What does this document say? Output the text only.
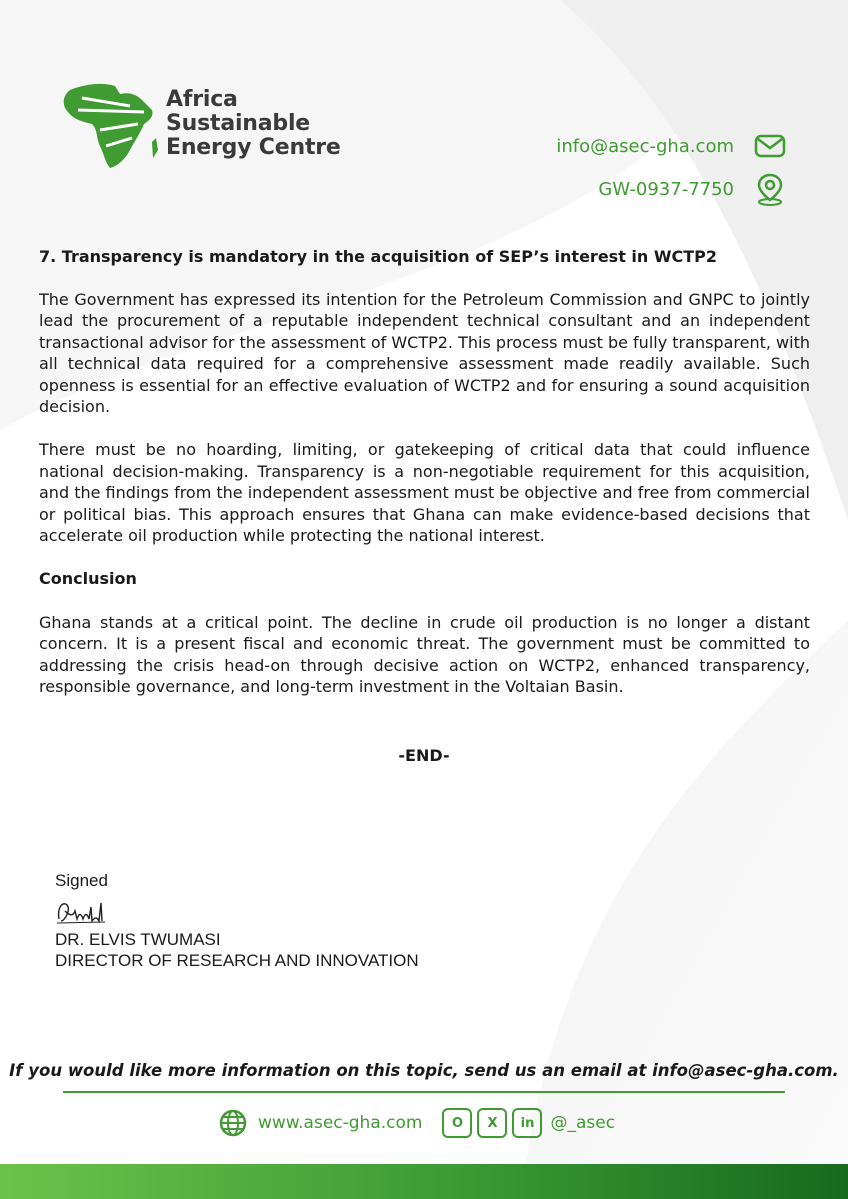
Africa
Sustainable
Energy Centre	info@asec-gha.com
GW-0937-7750
7. Transparency is mandatory in the acquisition of SEP’s interest in WCTP2

The Government has expressed its intention for the Petroleum Commission and GNPC to jointly lead the procurement of a reputable independent technical consultant and an independent transactional advisor for the assessment of WCTP2. This process must be fully transparent, with all technical data required for a comprehensive assessment made readily available. Such openness is essential for an effective evaluation of WCTP2 and for ensuring a sound acquisition decision.

There must be no hoarding, limiting, or gatekeeping of critical data that could influence national decision-making. Transparency is a non-negotiable requirement for this acquisition, and the findings from the independent assessment must be objective and free from commercial or political bias. This approach ensures that Ghana can make evidence-based decisions that accelerate oil production while protecting the national interest.

Conclusion

Ghana stands at a critical point. The decline in crude oil production is no longer a distant concern. It is a present fiscal and economic threat. The government must be committed to addressing the crisis head-on through decisive action on WCTP2, enhanced transparency, responsible governance, and long-term investment in the Voltaian Basin.

-END-
Signed
DR. ELVIS TWUMASI
DIRECTOR OF RESEARCH AND INNOVATION
If you would like more information on this topic, send us an email at info@asec-gha.com.
www.asec-gha.com	O	X	in @_asec
